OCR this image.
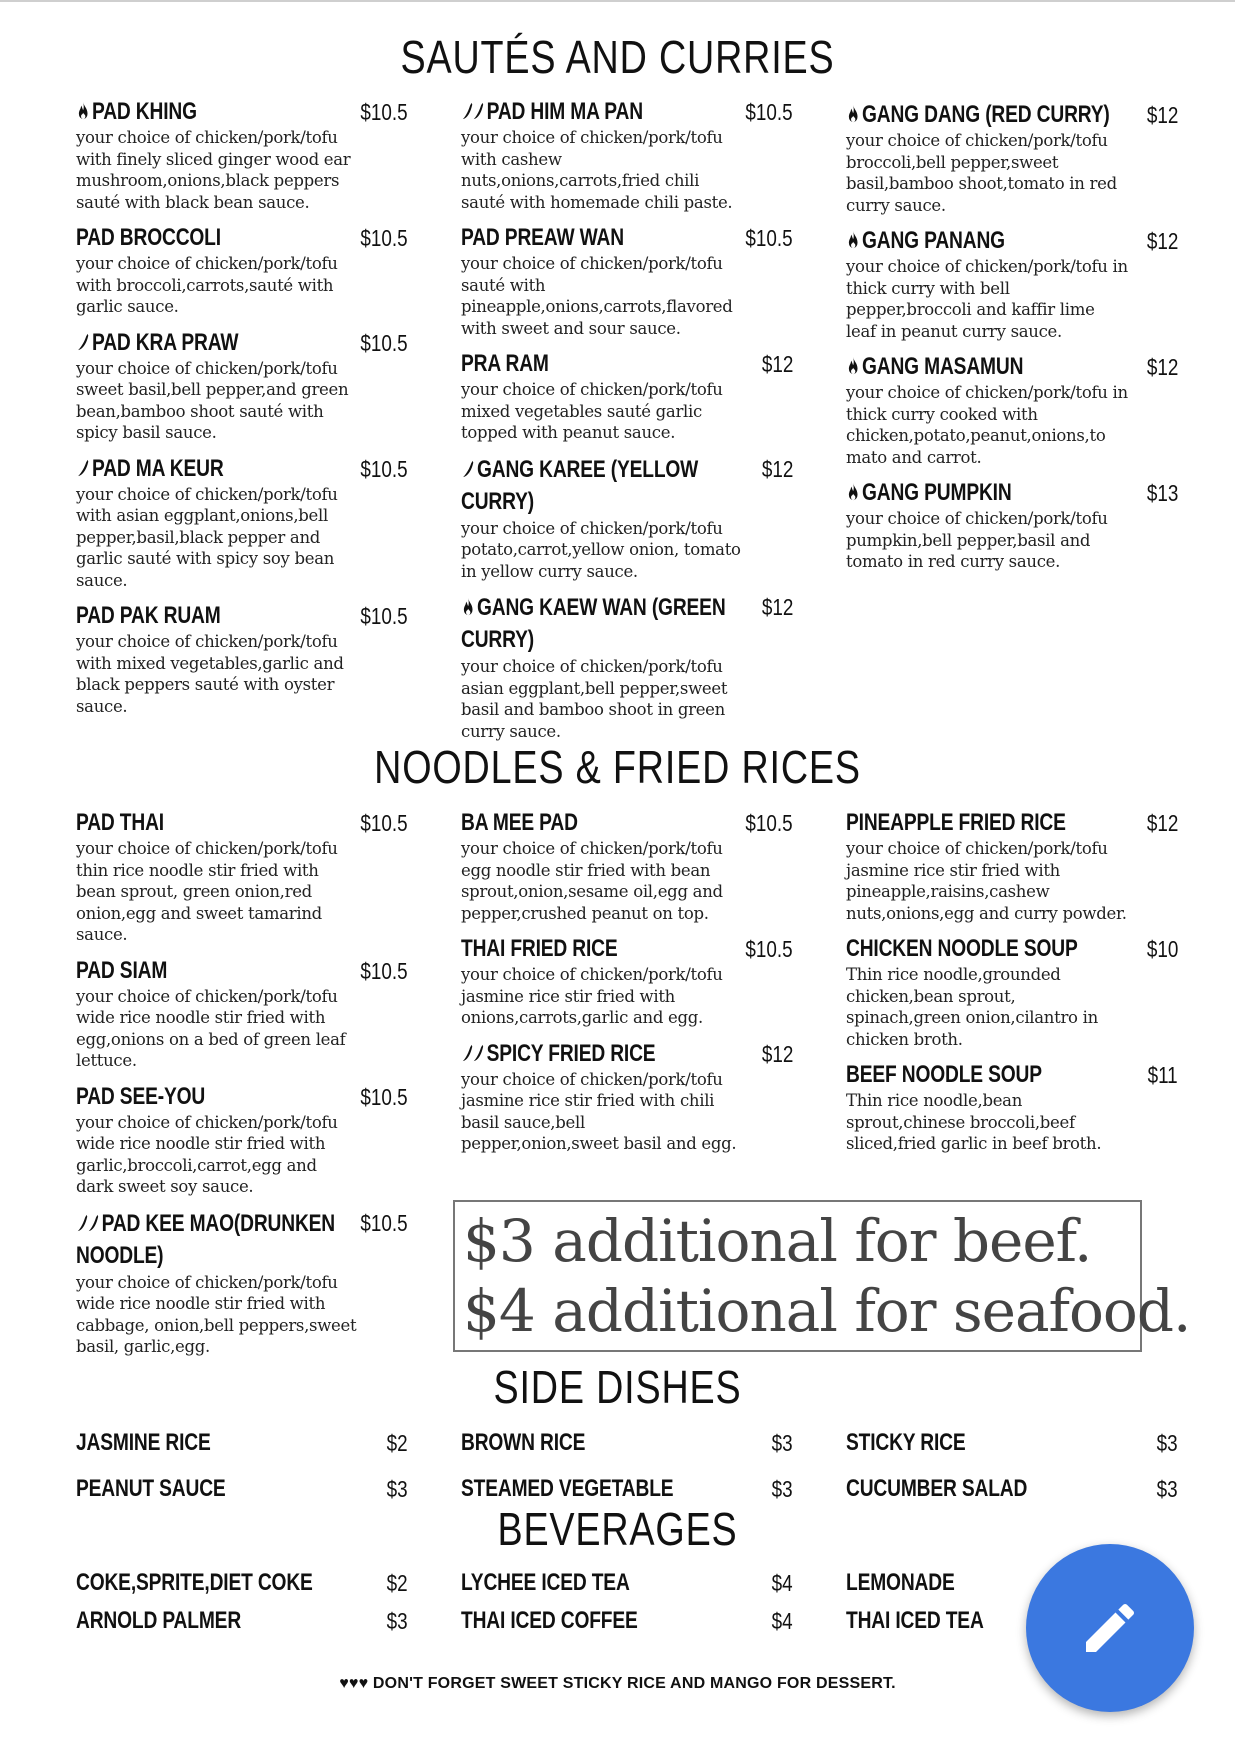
SAUTÉS AND CURRIES
PAD KHING	$10.5
your choice of chicken/pork/tofu with finely sliced ginger wood ear mushroom,onions,black peppers sauté with black bean sauce.
PAD BROCCOLI	$10.5
your choice of chicken/pork/tofu with broccoli,carrots,sauté with garlic sauce.
PAD KRA PRAW	$10.5
your choice of chicken/pork/tofu sweet basil,bell pepper,and green bean,bamboo shoot sauté with spicy basil sauce.
PAD MA KEUR	$10.5
your choice of chicken/pork/tofu with asian eggplant,onions,bell pepper,basil,black pepper and garlic sauté with spicy soy bean sauce.
PAD PAK RUAM	$10.5
your choice of chicken/pork/tofu with mixed vegetables,garlic and black peppers sauté with oyster sauce.
PAD HIM MA PAN	$10.5
your choice of chicken/pork/tofu with cashew nuts,onions,carrots,fried chili sauté with homemade chili paste.
PAD PREAW WAN	$10.5
your choice of chicken/pork/tofu sauté with pineapple,onions,carrots,flavored with sweet and sour sauce.
PRA RAM	$12
your choice of chicken/pork/tofu mixed vegetables sauté garlic topped with peanut sauce.
GANG KAREE (YELLOW CURRY)
$12
your choice of chicken/pork/tofu potato,carrot,yellow onion, tomato in yellow curry sauce.
GANG KAEW WAN (GREEN CURRY)
$12
your choice of chicken/pork/tofu asian eggplant,bell pepper,sweet basil and bamboo shoot in green curry sauce.
GANG DANG (RED CURRY) $12
your choice of chicken/pork/tofu broccoli,bell pepper,sweet basil,bamboo shoot,tomato in red curry sauce.
GANG PANANG	$12
your choice of chicken/pork/tofu in thick curry with bell pepper,broccoli and kaffir lime leaf in peanut curry sauce.
GANG MASAMUN	$12
your choice of chicken/pork/tofu in thick curry cooked with chicken,potato,peanut,onions,to mato and carrot.
GANG PUMPKIN	$13
your choice of chicken/pork/tofu pumpkin,bell pepper,basil and tomato in red curry sauce.
NOODLES & FRIED RICES
PAD THAI	$10.5
your choice of chicken/pork/tofu thin rice noodle stir fried with bean sprout, green onion,red onion,egg and sweet tamarind sauce.
PAD SIAM	$10.5
your choice of chicken/pork/tofu wide rice noodle stir fried with egg,onions on a bed of green leaf lettuce.
PAD SEE-YOU	$10.5
your choice of chicken/pork/tofu wide rice noodle stir fried with garlic,broccoli,carrot,egg and dark sweet soy sauce.
PAD KEE MAO(DRUNKEN NOODLE)
$10.5
your choice of chicken/pork/tofu wide rice noodle stir fried with cabbage, onion,bell peppers,sweet basil, garlic,egg.
BA MEE PAD	$10.5
your choice of chicken/pork/tofu egg noodle stir fried with bean sprout,onion,sesame oil,egg and pepper,crushed peanut on top.
THAI FRIED RICE	$10.5
your choice of chicken/pork/tofu jasmine rice stir fried with onions,carrots,garlic and egg.
SPICY FRIED RICE	$12
your choice of chicken/pork/tofu jasmine rice stir fried with chili basil sauce,bell pepper,onion,sweet basil and egg.
PINEAPPLE FRIED RICE	$12
your choice of chicken/pork/tofu jasmine rice stir fried with pineapple,raisins,cashew nuts,onions,egg and curry powder.
CHICKEN NOODLE SOUP	$10
Thin rice noodle,grounded chicken,bean sprout, spinach,green onion,cilantro in chicken broth.
BEEF NOODLE SOUP	$11
Thin rice noodle,bean sprout,chinese broccoli,beef sliced,fried garlic in beef broth.
$3 additional for beef.
$4 additional for seafood.
SIDE DISHES
JASMINE RICE	$2
PEANUT SAUCE	$3
BROWN RICE	$3
STEAMED VEGETABLE	$3
STICKY RICE	$3
CUCUMBER SALAD	$3
BEVERAGES
COKE,SPRITE,DIET COKE	$2
ARNOLD PALMER	$3
LYCHEE ICED TEA	$4
THAI ICED COFFEE	$4
LEMONADE
THAI ICED TEA
♥♥♥ DON'T FORGET SWEET STICKY RICE AND MANGO FOR DESSERT.
